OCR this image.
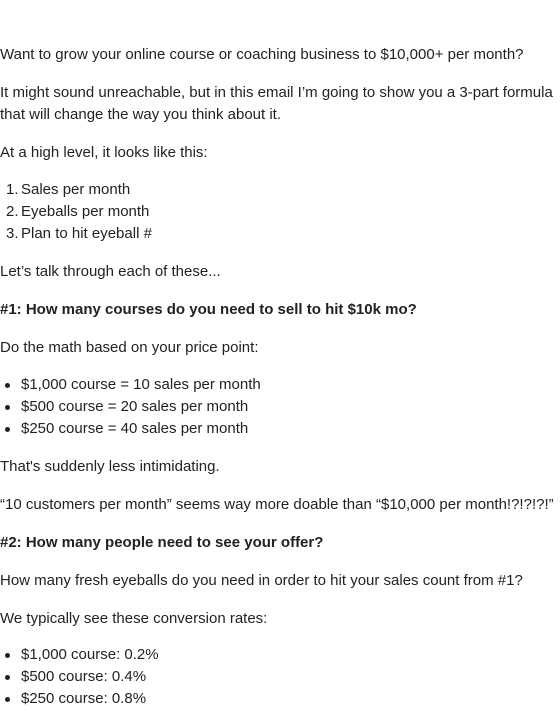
Want to grow your online course or coaching business to $10,000+ per month?

It might sound unreachable, but in this email I’m going to show you a 3-part formula

that will change the way you think about it.

At a high level, it looks like this:

1. Sales per month
2. Eyeballs per month
3. Plan to hit eyeball #

Let’s talk through each of these...

#1: How many courses do you need to sell to hit $10k mo?

Do the math based on your price point:

$1,000 course = 10 sales per month
$500 course = 20 sales per month
$250 course = 40 sales per month

That's suddenly less intimidating.

“10 customers per month” seems way more doable than “$10,000 per month!?!?!?!”

#2: How many people need to see your offer?

How many fresh eyeballs do you need in order to hit your sales count from #1?

We typically see these conversion rates:

$1,000 course: 0.2%
$500 course: 0.4%
$250 course: 0.8%
